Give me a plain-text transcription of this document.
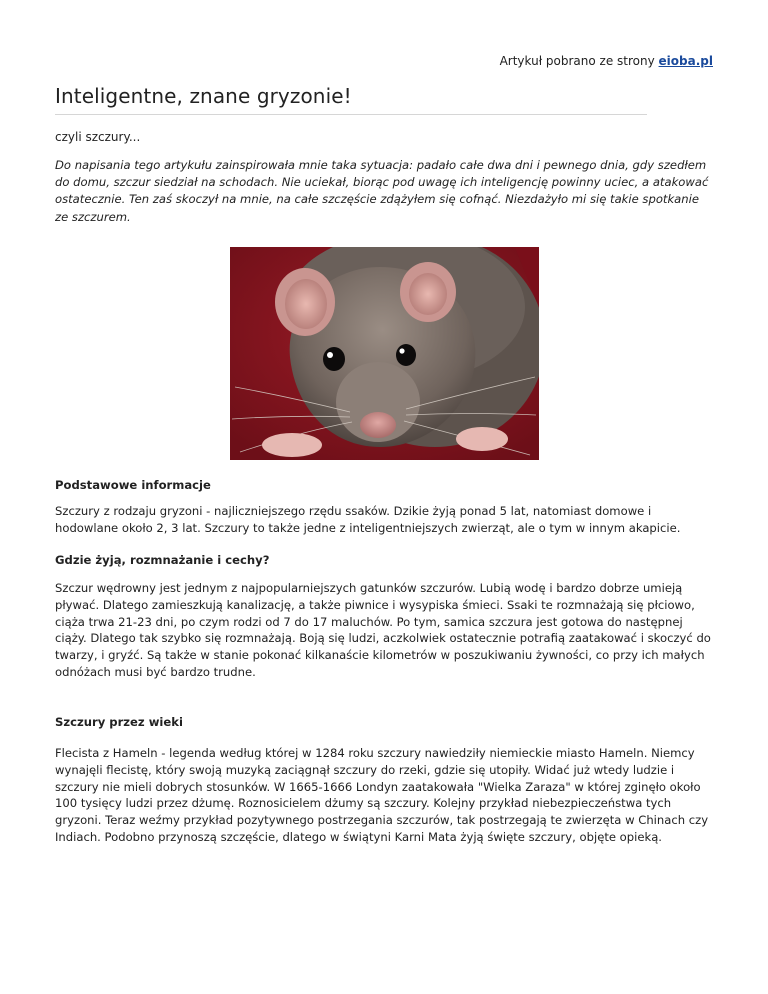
Artykuł pobrano ze strony eioba.pl
Inteligentne, znane gryzonie!
czyli szczury...

Do napisania tego artykułu zainspirowała mnie taka sytuacja: padało całe dwa dni i pewnego dnia, gdy szedłem do domu, szczur siedział na schodach. Nie uciekał, biorąc pod uwagę ich inteligencję powinny uciec, a atakować ostatecznie. Ten zaś skoczył na mnie, na całe szczęście zdążyłem się cofnąć. Niezdażyło mi się takie spotkanie ze szczurem.

Podstawowe informacje

Szczury z rodzaju gryzoni - najliczniejszego rzędu ssaków. Dzikie żyją ponad 5 lat, natomiast domowe i hodowlane około 2, 3 lat. Szczury to także jedne z inteligentniejszych zwierząt, ale o tym w innym akapicie.

Gdzie żyją, rozmnażanie i cechy?

Szczur wędrowny jest jednym z najpopularniejszych gatunków szczurów. Lubią wodę i bardzo dobrze umieją pływać. Dlatego zamieszkują kanalizację, a także piwnice i wysypiska śmieci. Ssaki te rozmnażają się płciowo, ciąża trwa 21-23 dni, po czym rodzi od 7 do 17 maluchów. Po tym, samica szczura jest gotowa do następnej ciąży. Dlatego tak szybko się rozmnażają. Boją się ludzi, aczkolwiek ostatecznie potrafią zaatakować i skoczyć do twarzy, i gryźć. Są także w stanie pokonać kilkanaście kilometrów w poszukiwaniu żywności, co przy ich małych odnóżach musi być bardzo trudne.

Szczury przez wieki

Flecista z Hameln - legenda według której w 1284 roku szczury nawiedziły niemieckie miasto Hameln. Niemcy wynajęli flecistę, który swoją muzyką zaciągnął szczury do rzeki, gdzie się utopiły. Widać już wtedy ludzie i szczury nie mieli dobrych stosunków. W 1665-1666 Londyn zaatakowała "Wielka Zaraza" w której zginęło około 100 tysięcy ludzi przez dżumę. Roznosicielem dżumy są szczury. Kolejny przykład niebezpieczeństwa tych gryzoni. Teraz weźmy przykład pozytywnego postrzegania szczurów, tak postrzegają te zwierzęta w Chinach czy Indiach. Podobno przynoszą szczęście, dlatego w świątyni Karni Mata żyją święte szczury, objęte opieką.
